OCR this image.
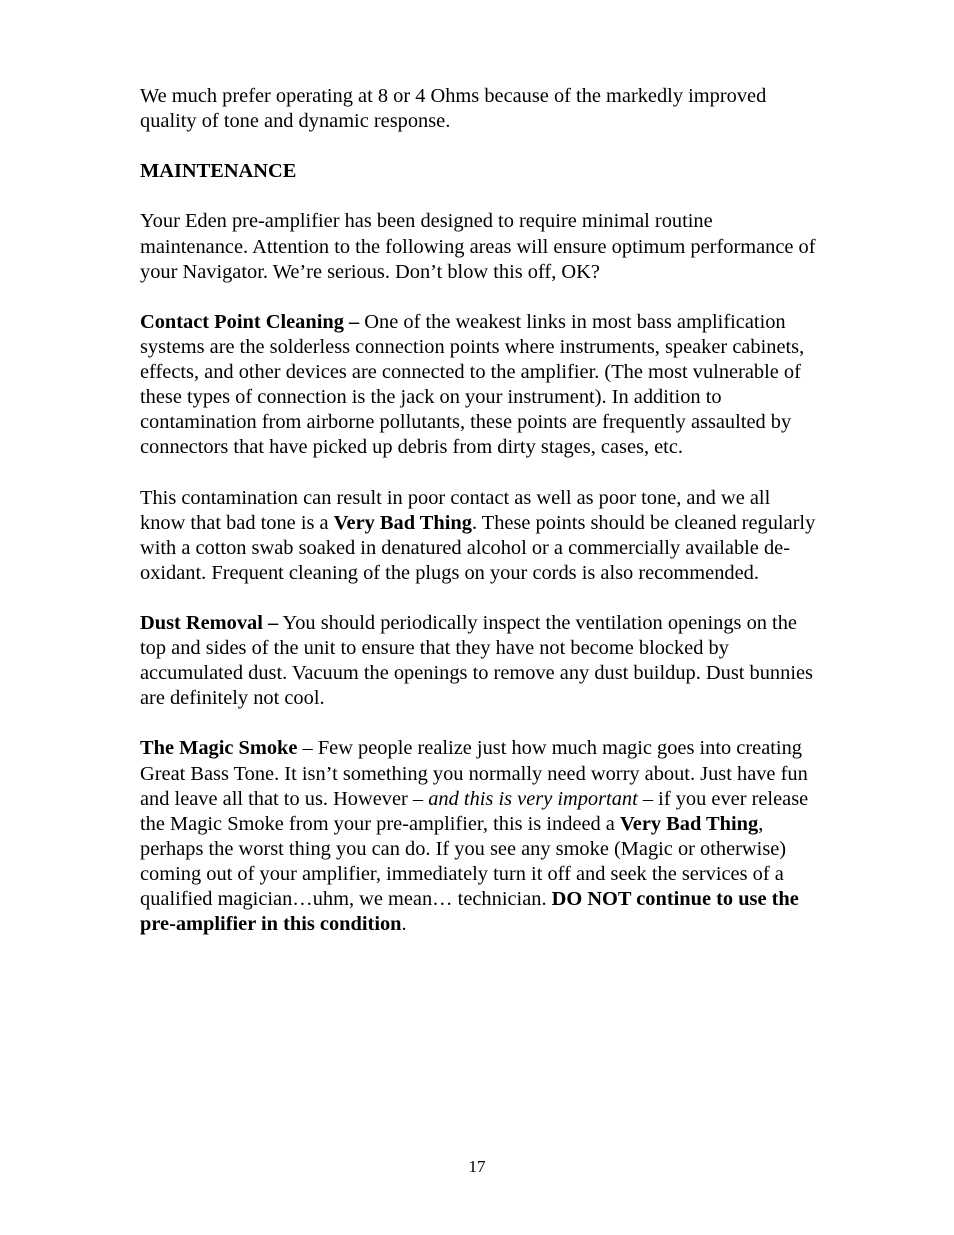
We much prefer operating at 8 or 4 Ohms because of the markedly improved quality of tone and dynamic response.

MAINTENANCE

Your Eden pre-amplifier has been designed to require minimal routine maintenance. Attention to the following areas will ensure optimum performance of your Navigator. We’re serious. Don’t blow this off, OK?

Contact Point Cleaning – One of the weakest links in most bass amplification systems are the solderless connection points where instruments, speaker cabinets, effects, and other devices are connected to the amplifier. (The most vulnerable of these types of connection is the jack on your instrument). In addition to contamination from airborne pollutants, these points are frequently assaulted by connectors that have picked up debris from dirty stages, cases, etc.

This contamination can result in poor contact as well as poor tone, and we all know that bad tone is a Very Bad Thing. These points should be cleaned regularly with a cotton swab soaked in denatured alcohol or a commercially available de-oxidant. Frequent cleaning of the plugs on your cords is also recommended.

Dust Removal – You should periodically inspect the ventilation openings on the top and sides of the unit to ensure that they have not become blocked by accumulated dust. Vacuum the openings to remove any dust buildup. Dust bunnies are definitely not cool.

The Magic Smoke – Few people realize just how much magic goes into creating Great Bass Tone. It isn’t something you normally need worry about. Just have fun and leave all that to us. However – and this is very important – if you ever release the Magic Smoke from your pre-amplifier, this is indeed a Very Bad Thing, perhaps the worst thing you can do. If you see any smoke (Magic or otherwise) coming out of your amplifier, immediately turn it off and seek the services of a qualified magician…uhm, we mean… technician. DO NOT continue to use the pre-amplifier in this condition.

17
